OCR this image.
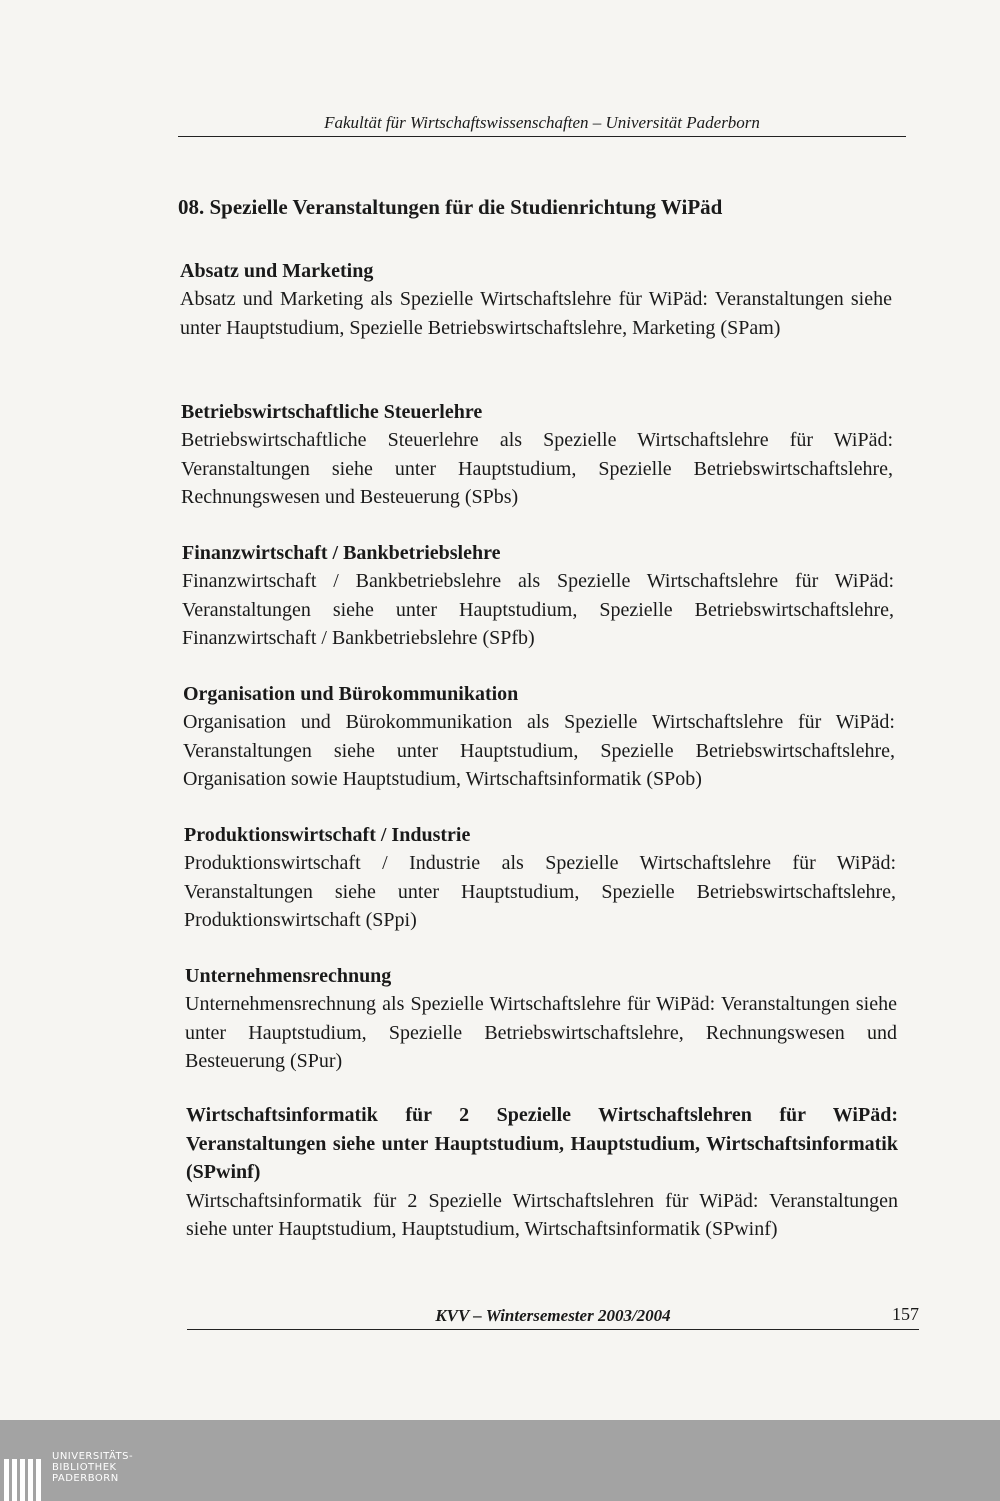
Fakultät für Wirtschaftswissenschaften – Universität Paderborn
08. Spezielle Veranstaltungen für die Studienrichtung WiPäd
Absatz und Marketing

Absatz und Marketing als Spezielle Wirtschaftslehre für WiPäd: Veranstaltungen siehe unter Hauptstudium, Spezielle Betriebswirtschaftslehre, Marketing (SPam)

Betriebswirtschaftliche Steuerlehre

Betriebswirtschaftliche Steuerlehre als Spezielle Wirtschaftslehre für WiPäd: Veranstaltungen siehe unter Hauptstudium, Spezielle Betriebswirtschaftslehre, Rechnungswesen und Besteuerung (SPbs)

Finanzwirtschaft / Bankbetriebslehre

Finanzwirtschaft / Bankbetriebslehre als Spezielle Wirtschaftslehre für WiPäd: Veranstaltungen siehe unter Hauptstudium, Spezielle Betriebswirtschaftslehre, Finanzwirtschaft / Bankbetriebslehre (SPfb)

Organisation und Bürokommunikation

Organisation und Bürokommunikation als Spezielle Wirtschaftslehre für WiPäd: Veranstaltungen siehe unter Hauptstudium, Spezielle Betriebswirtschaftslehre, Organisation sowie Hauptstudium, Wirtschaftsinformatik (SPob)

Produktionswirtschaft / Industrie

Produktionswirtschaft / Industrie als Spezielle Wirtschaftslehre für WiPäd: Veranstaltungen siehe unter Hauptstudium, Spezielle Betriebswirtschaftslehre, Produktionswirtschaft (SPpi)

Unternehmensrechnung

Unternehmensrechnung als Spezielle Wirtschaftslehre für WiPäd: Veranstaltungen siehe unter Hauptstudium, Spezielle Betriebswirtschaftslehre, Rechnungswesen und Besteuerung (SPur)

Wirtschaftsinformatik für 2 Spezielle Wirtschaftslehren für WiPäd: Veranstaltungen siehe unter Hauptstudium, Hauptstudium, Wirtschaftsinformatik (SPwinf)

Wirtschaftsinformatik für 2 Spezielle Wirtschaftslehren für WiPäd: Veranstaltungen siehe unter Hauptstudium, Hauptstudium, Wirtschaftsinformatik (SPwinf)

KVV – Wintersemester 2003/2004	157
UNIVERSITÄTS-
BIBLIOTHEK
PADERBORN
